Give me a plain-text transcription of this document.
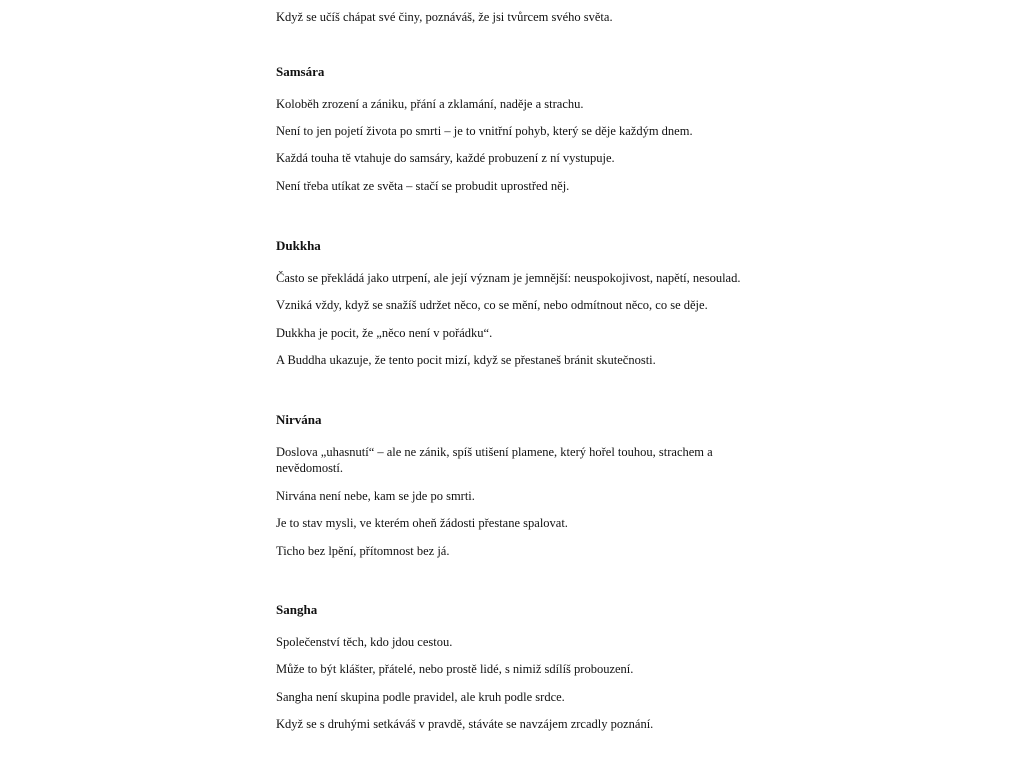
Když se učíš chápat své činy, poznáváš, že jsi tvůrcem svého světa.

Samsára

Koloběh zrození a zániku, přání a zklamání, naděje a strachu.

Není to jen pojetí života po smrti – je to vnitřní pohyb, který se děje každým dnem.

Každá touha tě vtahuje do samsáry, každé probuzení z ní vystupuje.

Není třeba utíkat ze světa – stačí se probudit uprostřed něj.

Dukkha

Často se překládá jako utrpení, ale její význam je jemnější: neuspokojivost, napětí, nesoulad.

Vzniká vždy, když se snažíš udržet něco, co se mění, nebo odmítnout něco, co se děje.

Dukkha je pocit, že „něco není v pořádku“.

A Buddha ukazuje, že tento pocit mizí, když se přestaneš bránit skutečnosti.

Nirvána

Doslova „uhasnutí“ – ale ne zánik, spíš utišení plamene, který hořel touhou, strachem a nevědomostí.

Nirvána není nebe, kam se jde po smrti.

Je to stav mysli, ve kterém oheň žádosti přestane spalovat.

Ticho bez lpění, přítomnost bez já.

Sangha

Společenství těch, kdo jdou cestou.

Může to být klášter, přátelé, nebo prostě lidé, s nimiž sdílíš probouzení.

Sangha není skupina podle pravidel, ale kruh podle srdce.

Když se s druhými setkáváš v pravdě, stáváte se navzájem zrcadly poznání.
